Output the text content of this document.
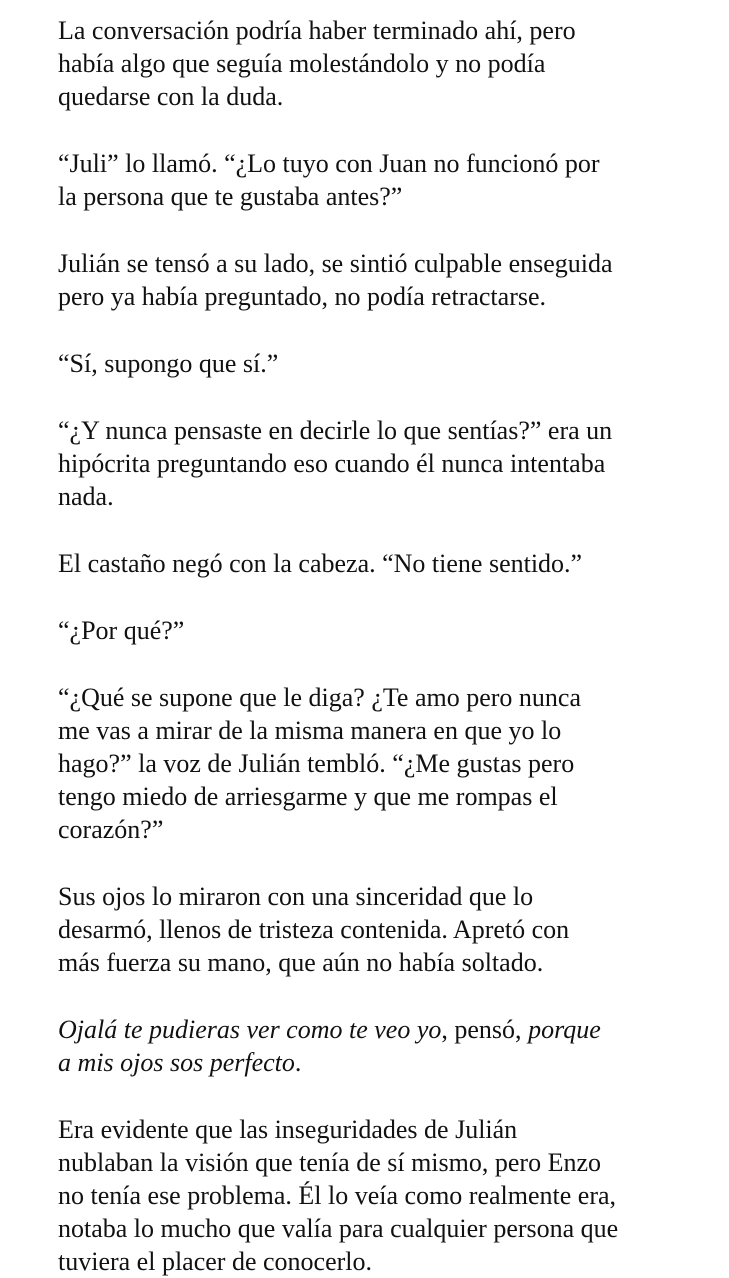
La conversación podría haber terminado ahí, pero
había algo que seguía molestándolo y no podía
quedarse con la duda.

“Juli” lo llamó. “¿Lo tuyo con Juan no funcionó por
la persona que te gustaba antes?”

Julián se tensó a su lado, se sintió culpable enseguida
pero ya había preguntado, no podía retractarse.

“Sí, supongo que sí.”

“¿Y nunca pensaste en decirle lo que sentías?” era un
hipócrita preguntando eso cuando él nunca intentaba
nada.

El castaño negó con la cabeza. “No tiene sentido.”

“¿Por qué?”

“¿Qué se supone que le diga? ¿Te amo pero nunca
me vas a mirar de la misma manera en que yo lo
hago?” la voz de Julián tembló. “¿Me gustas pero
tengo miedo de arriesgarme y que me rompas el
corazón?”

Sus ojos lo miraron con una sinceridad que lo
desarmó, llenos de tristeza contenida. Apretó con
más fuerza su mano, que aún no había soltado.

Ojalá te pudieras ver como te veo yo, pensó, porque
a mis ojos sos perfecto.

Era evidente que las inseguridades de Julián
nublaban la visión que tenía de sí mismo, pero Enzo
no tenía ese problema. Él lo veía como realmente era,
notaba lo mucho que valía para cualquier persona que
tuviera el placer de conocerlo.
